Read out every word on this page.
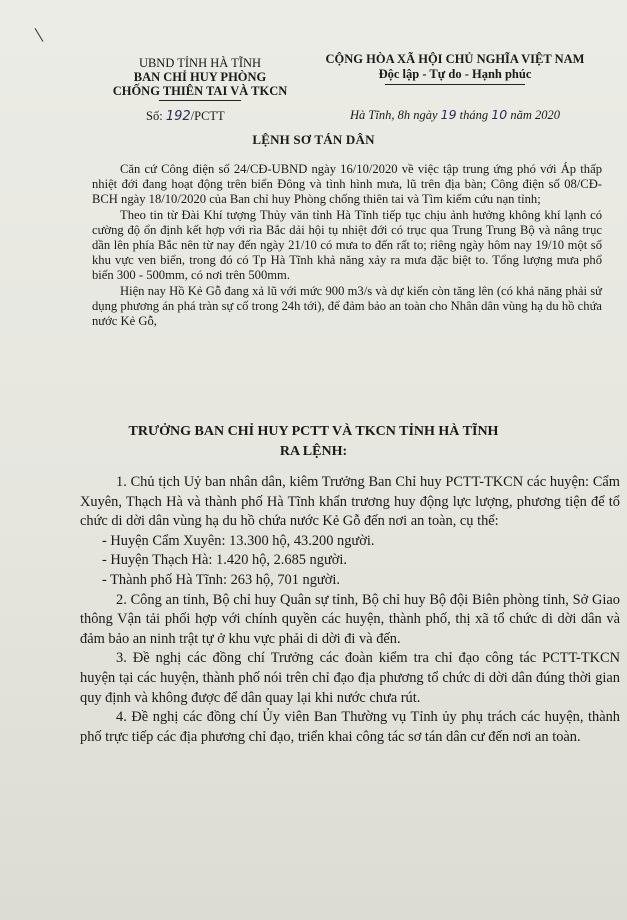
\
UBND TỈNH HÀ TĨNH
BAN CHỈ HUY PHÒNG
CHỐNG THIÊN TAI VÀ TKCN
Số: 192/PCTT
CỘNG HÒA XÃ HỘI CHỦ NGHĨA VIỆT NAM
Độc lập - Tự do - Hạnh phúc
Hà Tĩnh, 8h ngày 19 tháng 10 năm 2020
LỆNH SƠ TÁN DÂN

Căn cứ Công điện số 24/CĐ-UBND ngày 16/10/2020 về việc tập trung ứng phó với Áp thấp nhiệt đới đang hoạt động trên biển Đông và tình hình mưa, lũ trên địa bàn; Công điện số 08/CĐ-BCH ngày 18/10/2020 của Ban chỉ huy Phòng chống thiên tai và Tìm kiếm cứu nạn tỉnh;

Theo tin từ Đài Khí tượng Thủy văn tỉnh Hà Tĩnh tiếp tục chịu ảnh hưởng không khí lạnh có cường độ ổn định kết hợp với rìa Bắc dải hội tụ nhiệt đới có trục qua Trung Trung Bộ và nâng trục dần lên phía Bắc nên từ nay đến ngày 21/10 có mưa to đến rất to; riêng ngày hôm nay 19/10 một số khu vực ven biển, trong đó có Tp Hà Tĩnh khả năng xảy ra mưa đặc biệt to. Tổng lượng mưa phổ biến 300 - 500mm, có nơi trên 500mm.

Hiện nay Hồ Kẻ Gỗ đang xả lũ với mức 900 m3/s và dự kiến còn tăng lên (có khả năng phải sử dụng phương án phá tràn sự cố trong 24h tới), để đảm bảo an toàn cho Nhân dân vùng hạ du hồ chứa nước Kẻ Gỗ,

TRƯỞNG BAN CHỈ HUY PCTT VÀ TKCN TỈNH HÀ TĨNH
RA LỆNH:

1. Chủ tịch Uỷ ban nhân dân, kiêm Trưởng Ban Chỉ huy PCTT-TKCN các huyện: Cẩm Xuyên, Thạch Hà và thành phố Hà Tĩnh khẩn trương huy động lực lượng, phương tiện để tổ chức di dời dân vùng hạ du hồ chứa nước Kẻ Gỗ đến nơi an toàn, cụ thể:

- Huyện Cẩm Xuyên: 13.300 hộ, 43.200 người.

- Huyện Thạch Hà: 1.420 hộ, 2.685 người.

- Thành phố Hà Tĩnh: 263 hộ, 701 người.

2. Công an tỉnh, Bộ chỉ huy Quân sự tỉnh, Bộ chỉ huy Bộ đội Biên phòng tỉnh, Sở Giao thông Vận tải phối hợp với chính quyền các huyện, thành phố, thị xã tổ chức di dời dân và đảm bảo an ninh trật tự ở khu vực phải di dời đi và đến.

3. Đề nghị các đồng chí Trưởng các đoàn kiểm tra chỉ đạo công tác PCTT-TKCN huyện tại các huyện, thành phố nói trên chỉ đạo địa phương tổ chức di dời dân đúng thời gian quy định và không được để dân quay lại khi nước chưa rút.

4. Đề nghị các đồng chí Ủy viên Ban Thường vụ Tỉnh ủy phụ trách các huyện, thành phố trực tiếp các địa phương chỉ đạo, triển khai công tác sơ tán dân cư đến nơi an toàn.
